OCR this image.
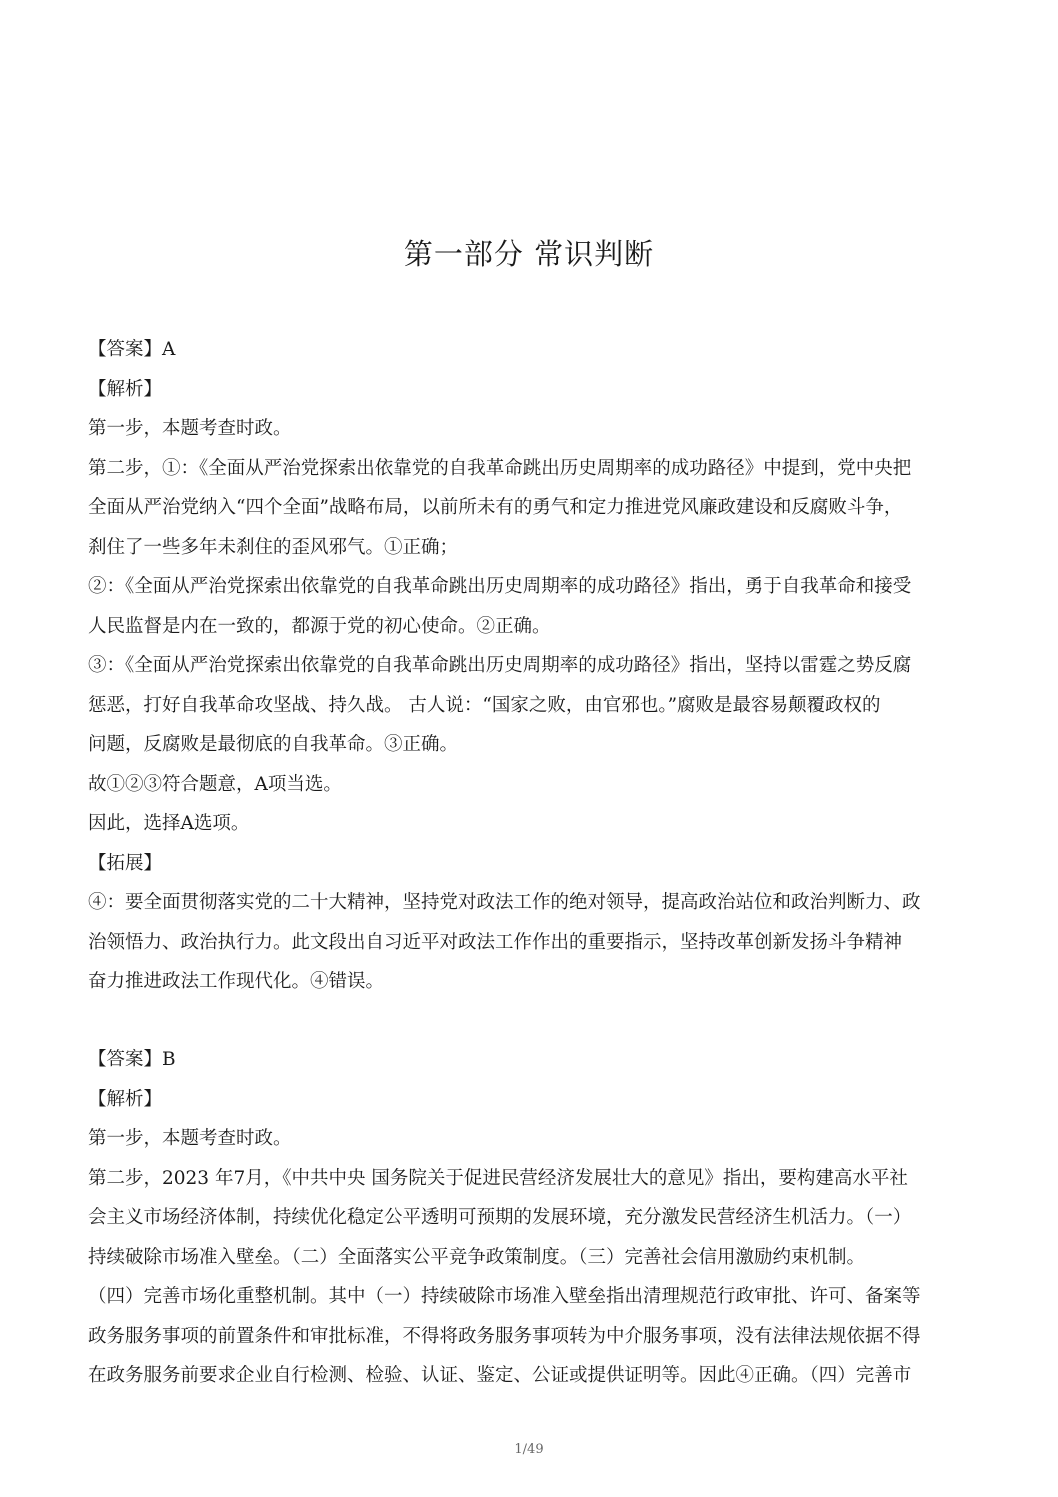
第一部分 常识判断

【答案】A

【解析】

第一步，本题考查时政。

第二步，①：《全面从严治党探索出依靠党的自我革命跳出历史周期率的成功路径》中提到，党中央把

全面从严治党纳入“四个全面”战略布局，以前所未有的勇气和定力推进党风廉政建设和反腐败斗争，

刹住了一些多年未刹住的歪风邪气。①正确；

②：《全面从严治党探索出依靠党的自我革命跳出历史周期率的成功路径》指出，勇于自我革命和接受

人民监督是内在一致的，都源于党的初心使命。②正确。

③：《全面从严治党探索出依靠党的自我革命跳出历史周期率的成功路径》指出，坚持以雷霆之势反腐

惩恶，打好自我革命攻坚战、持久战。 古人说：“国家之败，由官邪也。”腐败是最容易颠覆政权的

问题，反腐败是最彻底的自我革命。③正确。

故①②③符合题意，A项当选。

因此，选择A选项。

【拓展】

④：要全面贯彻落实党的二十大精神，坚持党对政法工作的绝对领导，提高政治站位和政治判断力、政

治领悟力、政治执行力。此文段出自习近平对政法工作作出的重要指示，坚持改革创新发扬斗争精神

奋力推进政法工作现代化。④错误。

【答案】B

【解析】

第一步，本题考查时政。

第二步，2023 年7月，《中共中央 国务院关于促进民营经济发展壮大的意见》指出，要构建高水平社

会主义市场经济体制，持续优化稳定公平透明可预期的发展环境，充分激发民营经济生机活力。（一）

持续破除市场准入壁垒。（二）全面落实公平竞争政策制度。（三）完善社会信用激励约束机制。

（四）完善市场化重整机制。其中（一）持续破除市场准入壁垒指出清理规范行政审批、许可、备案等

政务服务事项的前置条件和审批标准，不得将政务服务事项转为中介服务事项，没有法律法规依据不得

在政务服务前要求企业自行检测、检验、认证、鉴定、公证或提供证明等。因此④正确。（四）完善市

1/49
